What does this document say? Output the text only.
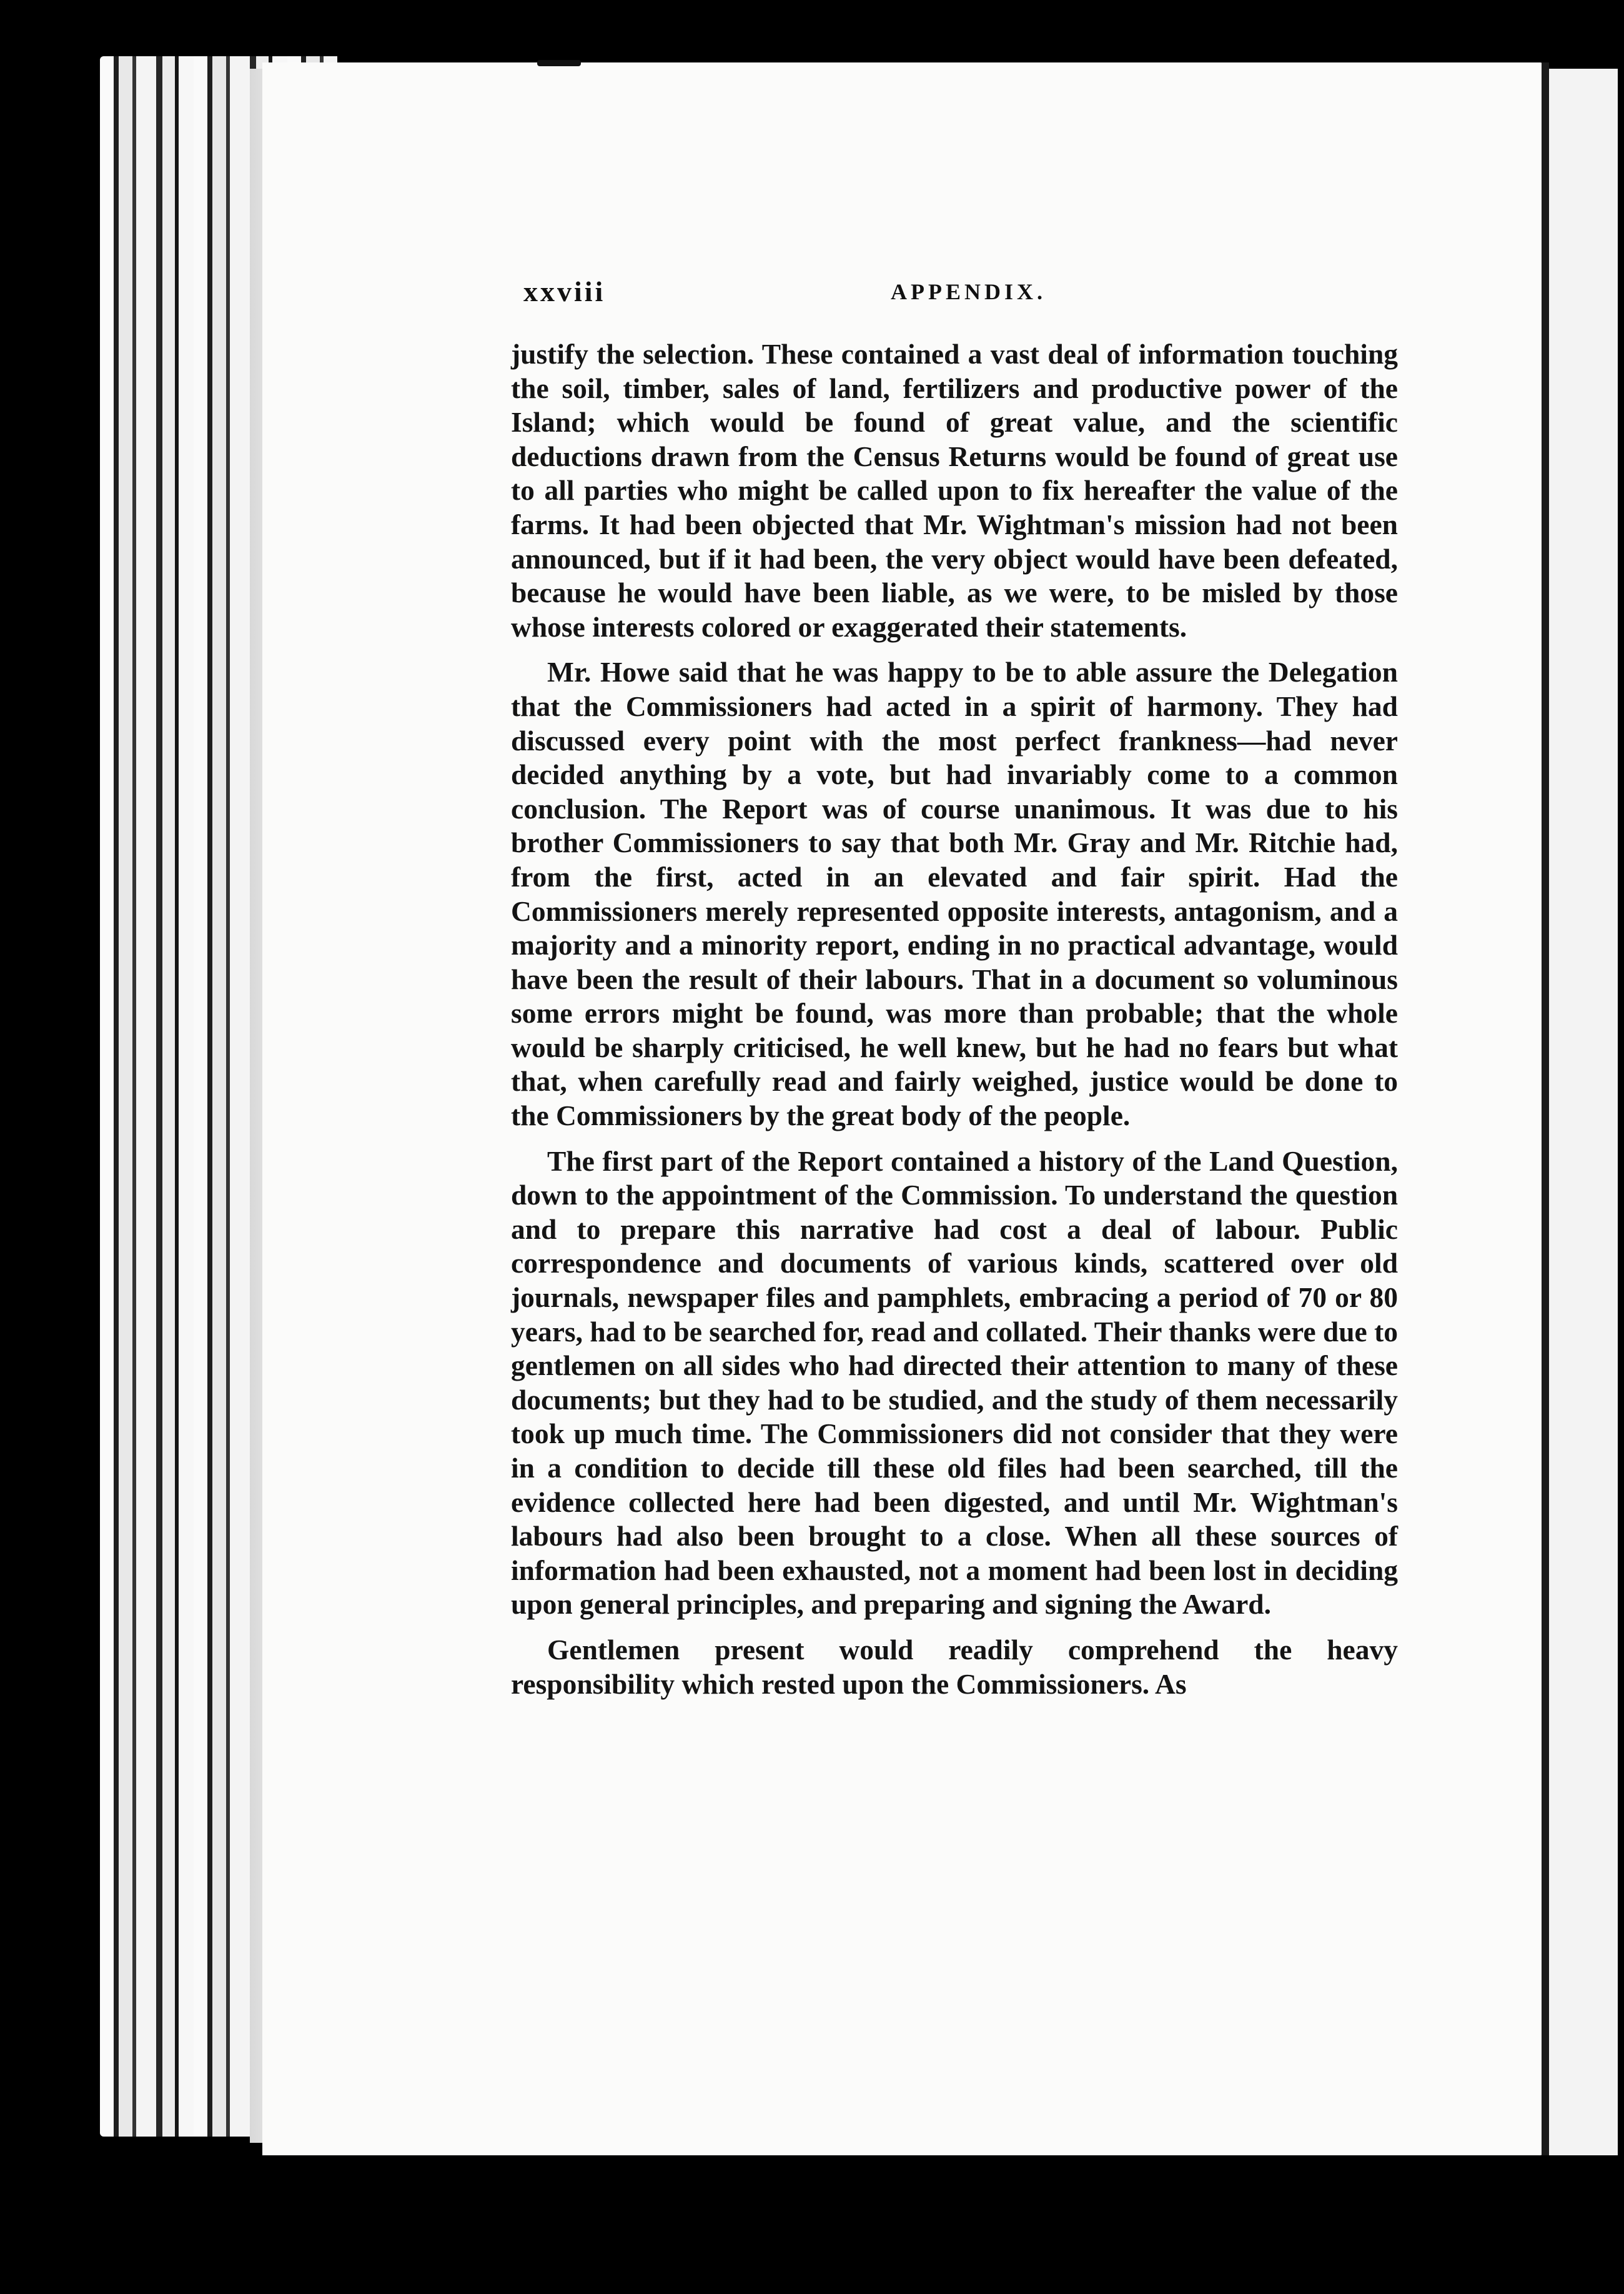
xxviii	APPENDIX.

justify the selection. These contained a vast deal of information touching the soil, timber, sales of land, fertilizers and productive power of the Island; which would be found of great value, and the scientific deductions drawn from the Census Returns would be found of great use to all parties who might be called upon to fix hereafter the value of the farms. It had been objected that Mr. Wightman's mission had not been announced, but if it had been, the very object would have been defeated, because he would have been liable, as we were, to be misled by those whose interests colored or exaggerated their statements.

Mr. Howe said that he was happy to be to able assure the Delegation that the Commissioners had acted in a spirit of harmony. They had discussed every point with the most perfect frankness—had never decided anything by a vote, but had invariably come to a common conclusion. The Report was of course unanimous. It was due to his brother Commissioners to say that both Mr. Gray and Mr. Ritchie had, from the first, acted in an elevated and fair spirit. Had the Commissioners merely represented opposite interests, antagonism, and a majority and a minority report, ending in no practical advantage, would have been the result of their labours. That in a document so voluminous some errors might be found, was more than probable; that the whole would be sharply criticised, he well knew, but he had no fears but what that, when carefully read and fairly weighed, justice would be done to the Commissioners by the great body of the people.

The first part of the Report contained a history of the Land Question, down to the appointment of the Commission. To understand the question and to prepare this narrative had cost a deal of labour. Public correspondence and documents of various kinds, scattered over old journals, newspaper files and pamphlets, embracing a period of 70 or 80 years, had to be searched for, read and collated. Their thanks were due to gentlemen on all sides who had directed their attention to many of these documents; but they had to be studied, and the study of them necessarily took up much time. The Commissioners did not consider that they were in a condition to decide till these old files had been searched, till the evidence collected here had been digested, and until Mr. Wightman's labours had also been brought to a close. When all these sources of information had been exhausted, not a moment had been lost in deciding upon general principles, and preparing and signing the Award.

Gentlemen present would readily comprehend the heavy responsibility which rested upon the Commissioners. As
